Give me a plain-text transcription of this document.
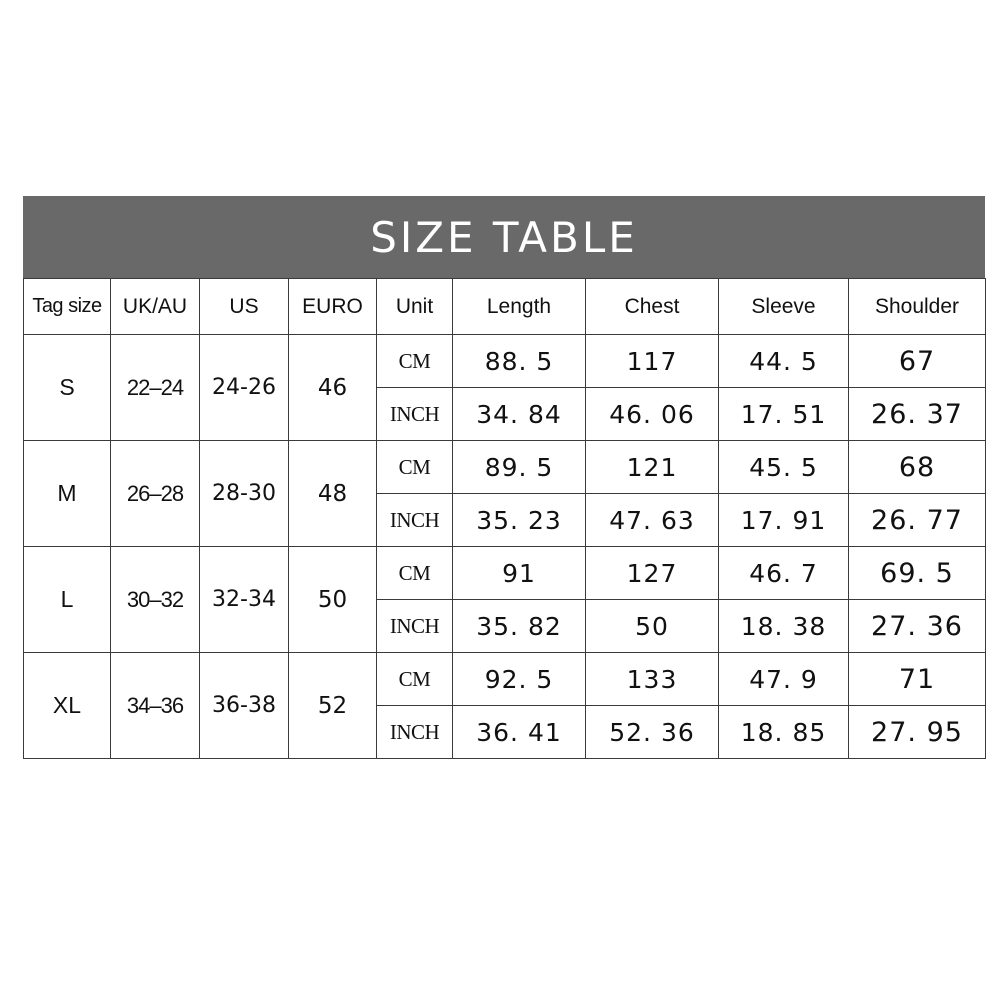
SIZE TABLE
Tag size	UK/AU	US	EURO	Unit	Length	Chest	Sleeve	Shoulder
S	22–24	24-26	46	CM	88. 5	117	44. 5	67
				INCH	34. 84	46. 06	17. 51	26. 37
M	26–28	28-30	48	CM	89. 5	121	45. 5	68
				INCH	35. 23	47. 63	17. 91	26. 77
L	30–32	32-34	50	CM	91	127	46. 7	69. 5
				INCH	35. 82	50	18. 38	27. 36
XL	34–36	36-38	52	CM	92. 5	133	47. 9	71
				INCH	36. 41	52. 36	18. 85	27. 95
